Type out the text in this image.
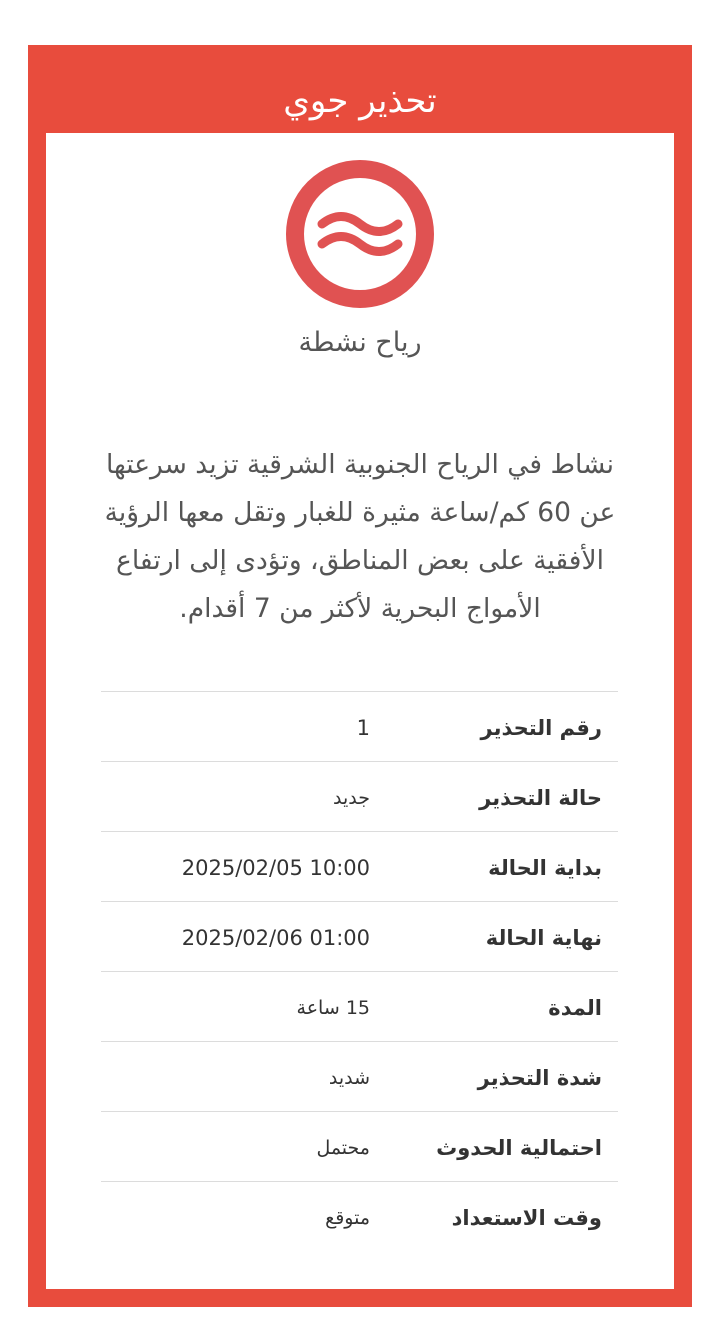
تحذير جوي
رياح نشطة
نشاط في الرياح الجنوبية الشرقية تزيد سرعتها عن 60 كم/ساعة مثيرة للغبار وتقل معها الرؤية الأفقية على بعض المناطق، وتؤدى إلى ارتفاع الأمواج البحرية لأكثر من 7 أقدام.
رقم التحذير
1
حالة التحذير
جديد
بداية الحالة
2025/02/05 10:00
نهاية الحالة
2025/02/06 01:00
المدة
15 ساعة
شدة التحذير
شديد
احتمالية الحدوث
محتمل
وقت الاستعداد
متوقع
